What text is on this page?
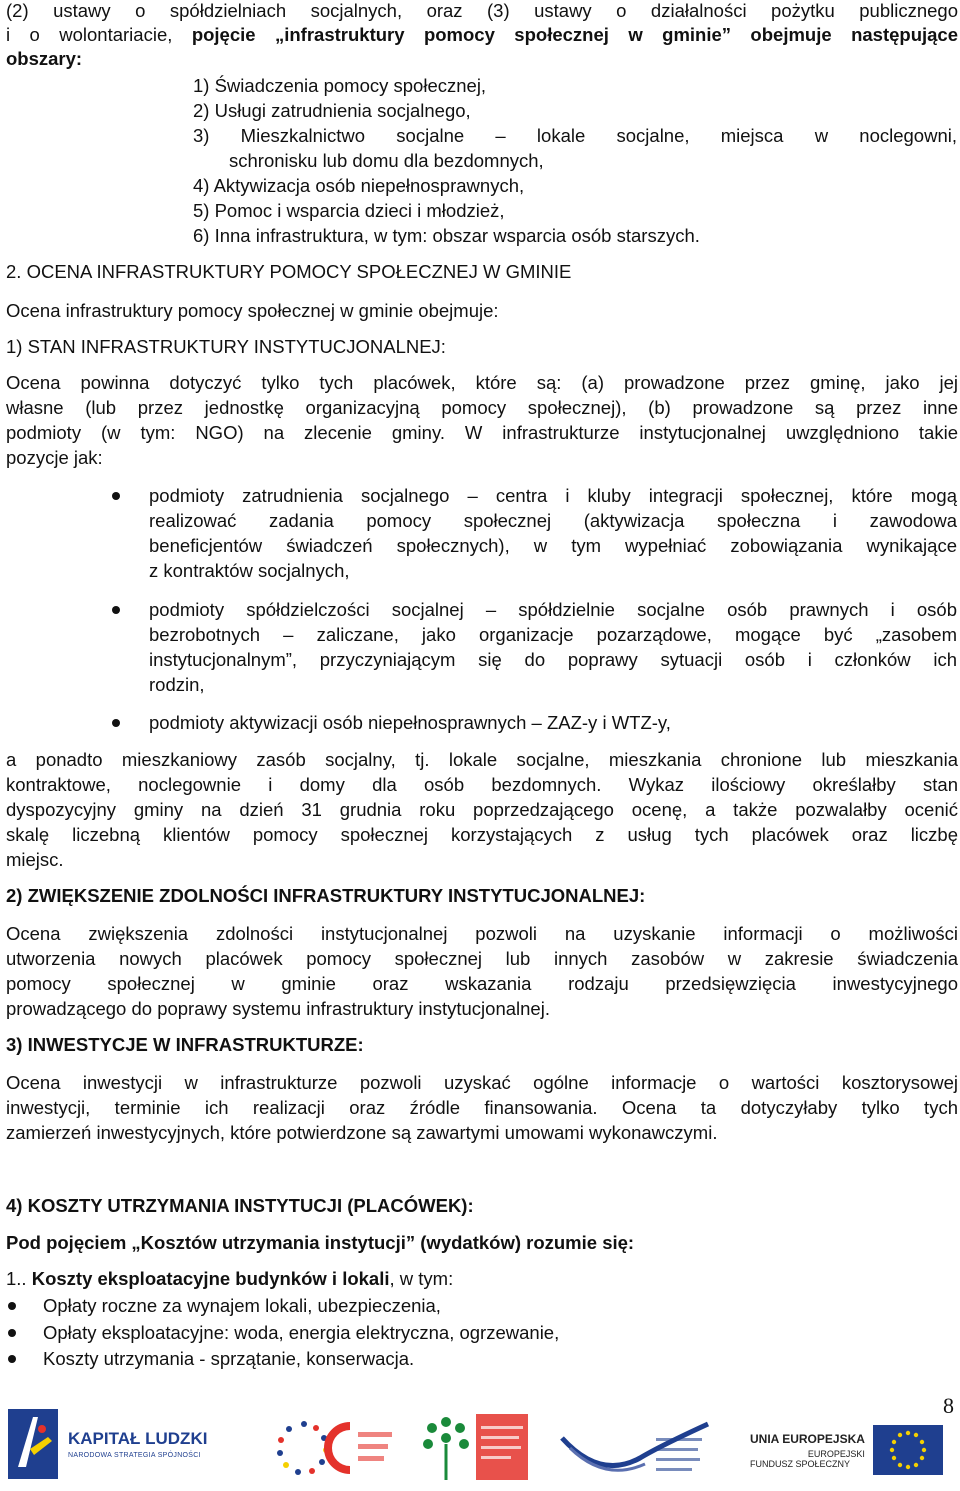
(2) ustawy o spółdzielniach socjalnych, oraz (3) ustawy o działalności pożytku publicznego
i o wolontariacie, pojęcie „infrastruktury pomocy społecznej w gminie” obejmuje następujące
obszary:
1) Świadczenia pomocy społecznej,
2) Usługi zatrudnienia socjalnego,
3) Mieszkalnictwo socjalne – lokale socjalne, miejsca w noclegowni,
schronisku lub domu dla bezdomnych,
4) Aktywizacja osób niepełnosprawnych,
5) Pomoc i wsparcia dzieci i młodzież,
6) Inna infrastruktura, w tym: obszar wsparcia osób starszych.
2. OCENA INFRASTRUKTURY POMOCY SPOŁECZNEJ W GMINIE
Ocena infrastruktury pomocy społecznej w gminie obejmuje:
1) STAN INFRASTRUKTURY INSTYTUCJONALNEJ:
Ocena powinna dotyczyć tylko tych placówek, które są: (a) prowadzone przez gminę, jako jej
własne (lub przez jednostkę organizacyjną pomocy społecznej), (b) prowadzone są przez inne
podmioty (w tym: NGO) na zlecenie gminy. W infrastrukturze instytucjonalnej uwzględniono takie
pozycje jak:
podmioty zatrudnienia socjalnego – centra i kluby integracji społecznej, które mogą
realizować zadania pomocy społecznej (aktywizacja społeczna i zawodowa
beneficjentów świadczeń społecznych), w tym wypełniać zobowiązania wynikające
z kontraktów socjalnych,
podmioty spółdzielczości socjalnej – spółdzielnie socjalne osób prawnych i osób
bezrobotnych – zaliczane, jako organizacje pozarządowe, mogące być „zasobem
instytucjonalnym”, przyczyniającym się do poprawy sytuacji osób i członków ich
rodzin,
podmioty aktywizacji osób niepełnosprawnych – ZAZ-y i WTZ-y,
a ponadto mieszkaniowy zasób socjalny, tj. lokale socjalne, mieszkania chronione lub mieszkania
kontraktowe, noclegownie i domy dla osób bezdomnych. Wykaz ilościowy określałby stan
dyspozycyjny gminy na dzień 31 grudnia roku poprzedzającego ocenę, a także pozwalałby ocenić
skalę liczebną klientów pomocy społecznej korzystających z usług tych placówek oraz liczbę
miejsc.
2) ZWIĘKSZENIE ZDOLNOŚCI INFRASTRUKTURY INSTYTUCJONALNEJ:
Ocena zwiększenia zdolności instytucjonalnej pozwoli na uzyskanie informacji o możliwości
utworzenia nowych placówek pomocy społecznej lub innych zasobów w zakresie świadczenia
pomocy społecznej w gminie oraz wskazania rodzaju przedsięwzięcia inwestycyjnego
prowadzącego do poprawy systemu infrastruktury instytucjonalnej.
3) INWESTYCJE W INFRASTRUKTURZE:
Ocena inwestycji w infrastrukturze pozwoli uzyskać ogólne informacje o wartości kosztorysowej
inwestycji, terminie ich realizacji oraz źródle finansowania. Ocena ta dotyczyłaby tylko tych
zamierzeń inwestycyjnych, które potwierdzone są zawartymi umowami wykonawczymi.
4) KOSZTY UTRZYMANIA INSTYTUCJI (PLACÓWEK):
Pod pojęciem „Kosztów utrzymania instytucji” (wydatków) rozumie się:
1.. Koszty eksploatacyjne budynków i lokali, w tym:
Opłaty roczne za wynajem lokali, ubezpieczenia,
Opłaty eksploatacyjne: woda, energia elektryczna, ogrzewanie,
Koszty utrzymania - sprzątanie, konserwacja.
8
KAPITAŁ LUDZKI
NARODOWA STRATEGIA SPÓJNOŚCI
UNIA EUROPEJSKA
EUROPEJSKI
FUNDUSZ SPOŁECZNY
